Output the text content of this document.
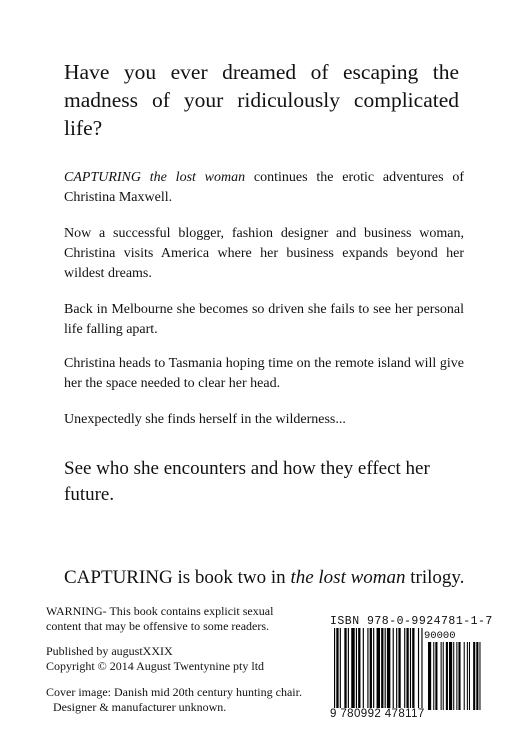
Have you ever dreamed of escaping the madness of your ridiculously complicated life?

CAPTURING the lost woman continues the erotic adventures of Christina Maxwell.

Now a successful blogger, fashion designer and business woman, Christina visits America where her business expands beyond her wildest dreams.

Back in Melbourne she becomes so driven she fails to see her personal life falling apart.

Christina heads to Tasmania hoping time on the remote island will give her the space needed to clear her head.

Unexpectedly she finds herself in the wilderness...

See who she encounters and how they effect her future.

CAPTURING is book two in the lost woman trilogy.

WARNING- This book contains explicit sexual

content that may be offensive to some readers.

Published by augustXXIX

Copyright © 2014 August Twentynine pty ltd

Cover image: Danish mid 20th century hunting chair.

Designer & manufacturer unknown.

ISBN 978-0-9924781-1-7
90000
9 780992 478117
